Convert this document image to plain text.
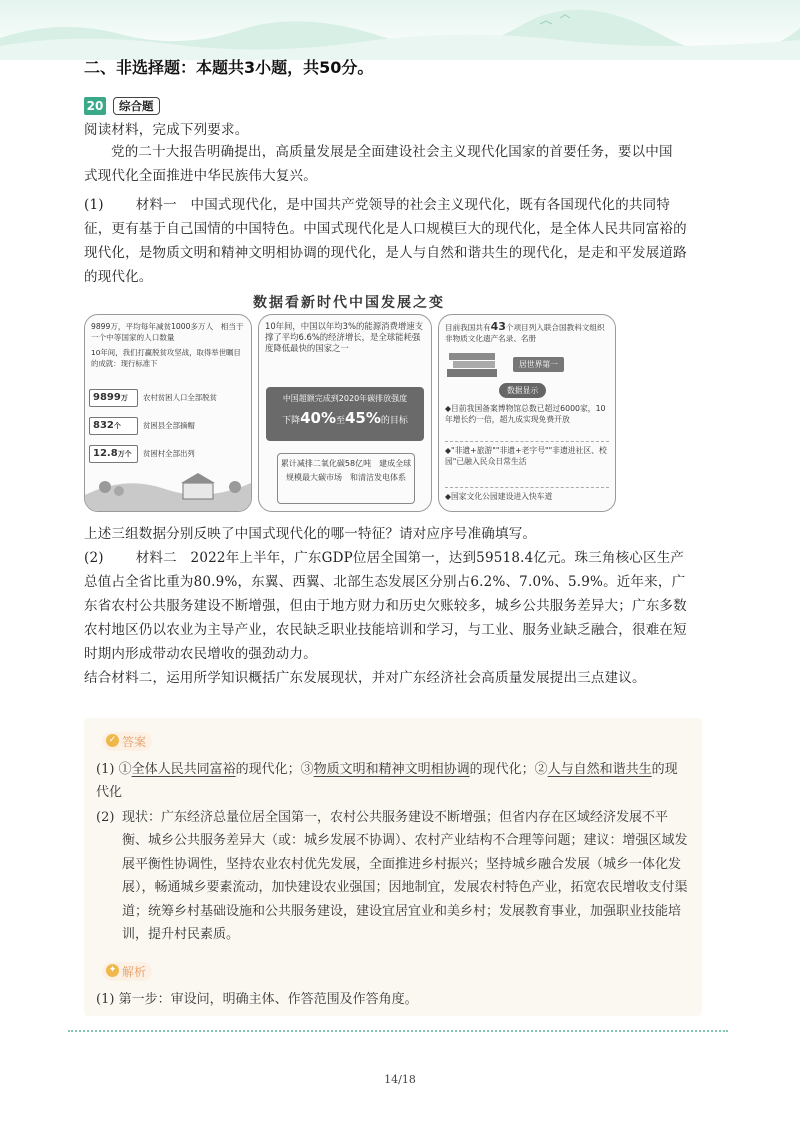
二、非选择题：本题共3小题，共50分。
20	综合题
阅读材料，完成下列要求。
党的二十大报告明确提出，高质量发展是全面建设社会主义现代化国家的首要任务，要以中国式现代化全面推进中华民族伟大复兴。
(1) 材料一　中国式现代化，是中国共产党领导的社会主义现代化，既有各国现代化的共同特征，更有基于自己国情的中国特色。中国式现代化是人口规模巨大的现代化，是全体人民共同富裕的现代化，是物质文明和精神文明相协调的现代化，是人与自然和谐共生的现代化，是走和平发展道路的现代化。
数据看新时代中国发展之变
9899万，平均每年减贫1000多万人　相当于一个中等国家的人口数量
10年间，我们打赢脱贫攻坚战，取得举世瞩目的成就：现行标准下
9899万	农村贫困人口全部脱贫
832个	贫困县全部摘帽
12.8万个	贫困村全部出列
10年间，中国以年均3%的能源消费增速支撑了平均6.6%的经济增长，是全球能耗强度降低最快的国家之一
中国超额完成到2020年碳排放强度
下降40%至45%的目标
累计减排二氧化碳58亿吨　建成全球规模最大碳市场　和清洁发电体系
目前我国共有43个项目列入联合国教科文组织非物质文化遗产名录、名册
居世界第一
数据显示
◆目前我国备案博物馆总数已超过6000家，10年增长约一倍，超九成实现免费开放
◆"非遗+旅游""非遗+老字号""非遗进社区、校园"已融入民众日常生活
◆国家文化公园建设进入快车道
上述三组数据分别反映了中国式现代化的哪一特征？请对应序号准确填写。
(2) 材料二　2022年上半年，广东GDP位居全国第一，达到59518.4亿元。珠三角核心区生产总值占全省比重为80.9%，东翼、西翼、北部生态发展区分别占6.2%、7.0%、5.9%。近年来，广东省农村公共服务建设不断增强，但由于地方财力和历史欠账较多，城乡公共服务差异大；广东多数农村地区仍以农业为主导产业，农民缺乏职业技能培训和学习，与工业、服务业缺乏融合，很难在短时期内形成带动农民增收的强劲动力。
结合材料二，运用所学知识概括广东发展现状，并对广东经济社会高质量发展提出三点建议。
✓ 答案
(1) ①全体人民共同富裕的现代化；③物质文明和精神文明相协调的现代化；②人与自然和谐共生的现代化
(2) 现状：广东经济总量位居全国第一，农村公共服务建设不断增强；但省内存在区域经济发展不平衡、城乡公共服务差异大（或：城乡发展不协调）、农村产业结构不合理等问题；建议：增强区域发展平衡性协调性，坚持农业农村优先发展，全面推进乡村振兴；坚持城乡融合发展（城乡一体化发展），畅通城乡要素流动，加快建设农业强国；因地制宜，发展农村特色产业，拓宽农民增收支付渠道；统筹乡村基础设施和公共服务建设，建设宜居宜业和美乡村；发展教育事业，加强职业技能培训，提升村民素质。
✦ 解析
(1) 第一步：审设问，明确主体、作答范围及作答角度。
14/18
